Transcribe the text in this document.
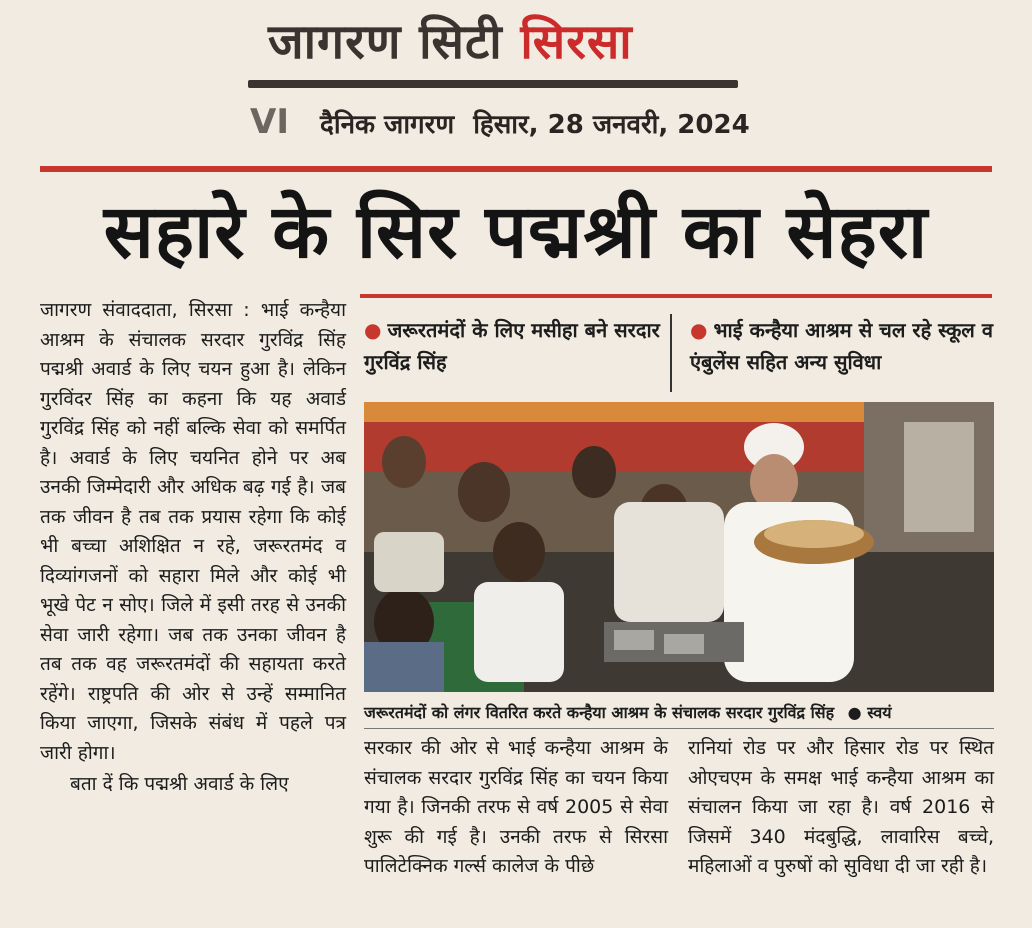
जागरण सिटी सिरसा
VI दैनिक जागरण हिसार, 28 जनवरी, 2024
सहारे के सिर पद्मश्री का सेहरा

जागरण संवाददाता, सिरसा : भाई कन्हैया आश्रम के संचालक सरदार गुरविंद्र सिंह पद्मश्री अवार्ड के लिए चयन हुआ है। लेकिन गुरविंदर सिंह का कहना कि यह अवार्ड गुरविंद्र सिंह को नहीं बल्कि सेवा को समर्पित है। अवार्ड के लिए चयनित होने पर अब उनकी जिम्मेदारी और अधिक बढ़ गई है। जब तक जीवन है तब तक प्रयास रहेगा कि कोई भी बच्चा अशिक्षित न रहे, जरूरतमंद व दिव्यांगजनों को सहारा मिले और कोई भी भूखे पेट न सोए। जिले में इसी तरह से उनकी सेवा जारी रहेगा। जब तक उनका जीवन है तब तक वह जरूरतमंदों की सहायता करते रहेंगे। राष्ट्रपति की ओर से उन्हें सम्मानित किया जाएगा, जिसके संबंध में पहले पत्र जारी होगा।

बता दें कि पद्मश्री अवार्ड के लिए

● जरूरतमंदों के लिए मसीहा बने सरदार गुरविंद्र सिंह
● भाई कन्हैया आश्रम से चल रहे स्कूल व एंबुलेंस सहित अन्य सुविधा
जरूरतमंदों को लंगर वितरित करते कन्हैया आश्रम के संचालक सरदार गुरविंद्र सिंह ● स्वयं

सरकार की ओर से भाई कन्हैया आश्रम के संचालक सरदार गुरविंद्र सिंह का चयन किया गया है। जिनकी तरफ से वर्ष 2005 से सेवा शुरू की गई है। उनकी तरफ से सिरसा पालिटेक्निक गर्ल्स कालेज के पीछे

रानियां रोड पर और हिसार रोड पर स्थित ओएचएम के समक्ष भाई कन्हैया आश्रम का संचालन किया जा रहा है। वर्ष 2016 से जिसमें 340 मंदबुद्धि, लावारिस बच्चे, महिलाओं व पुरुषों को सुविधा दी जा रही है।
